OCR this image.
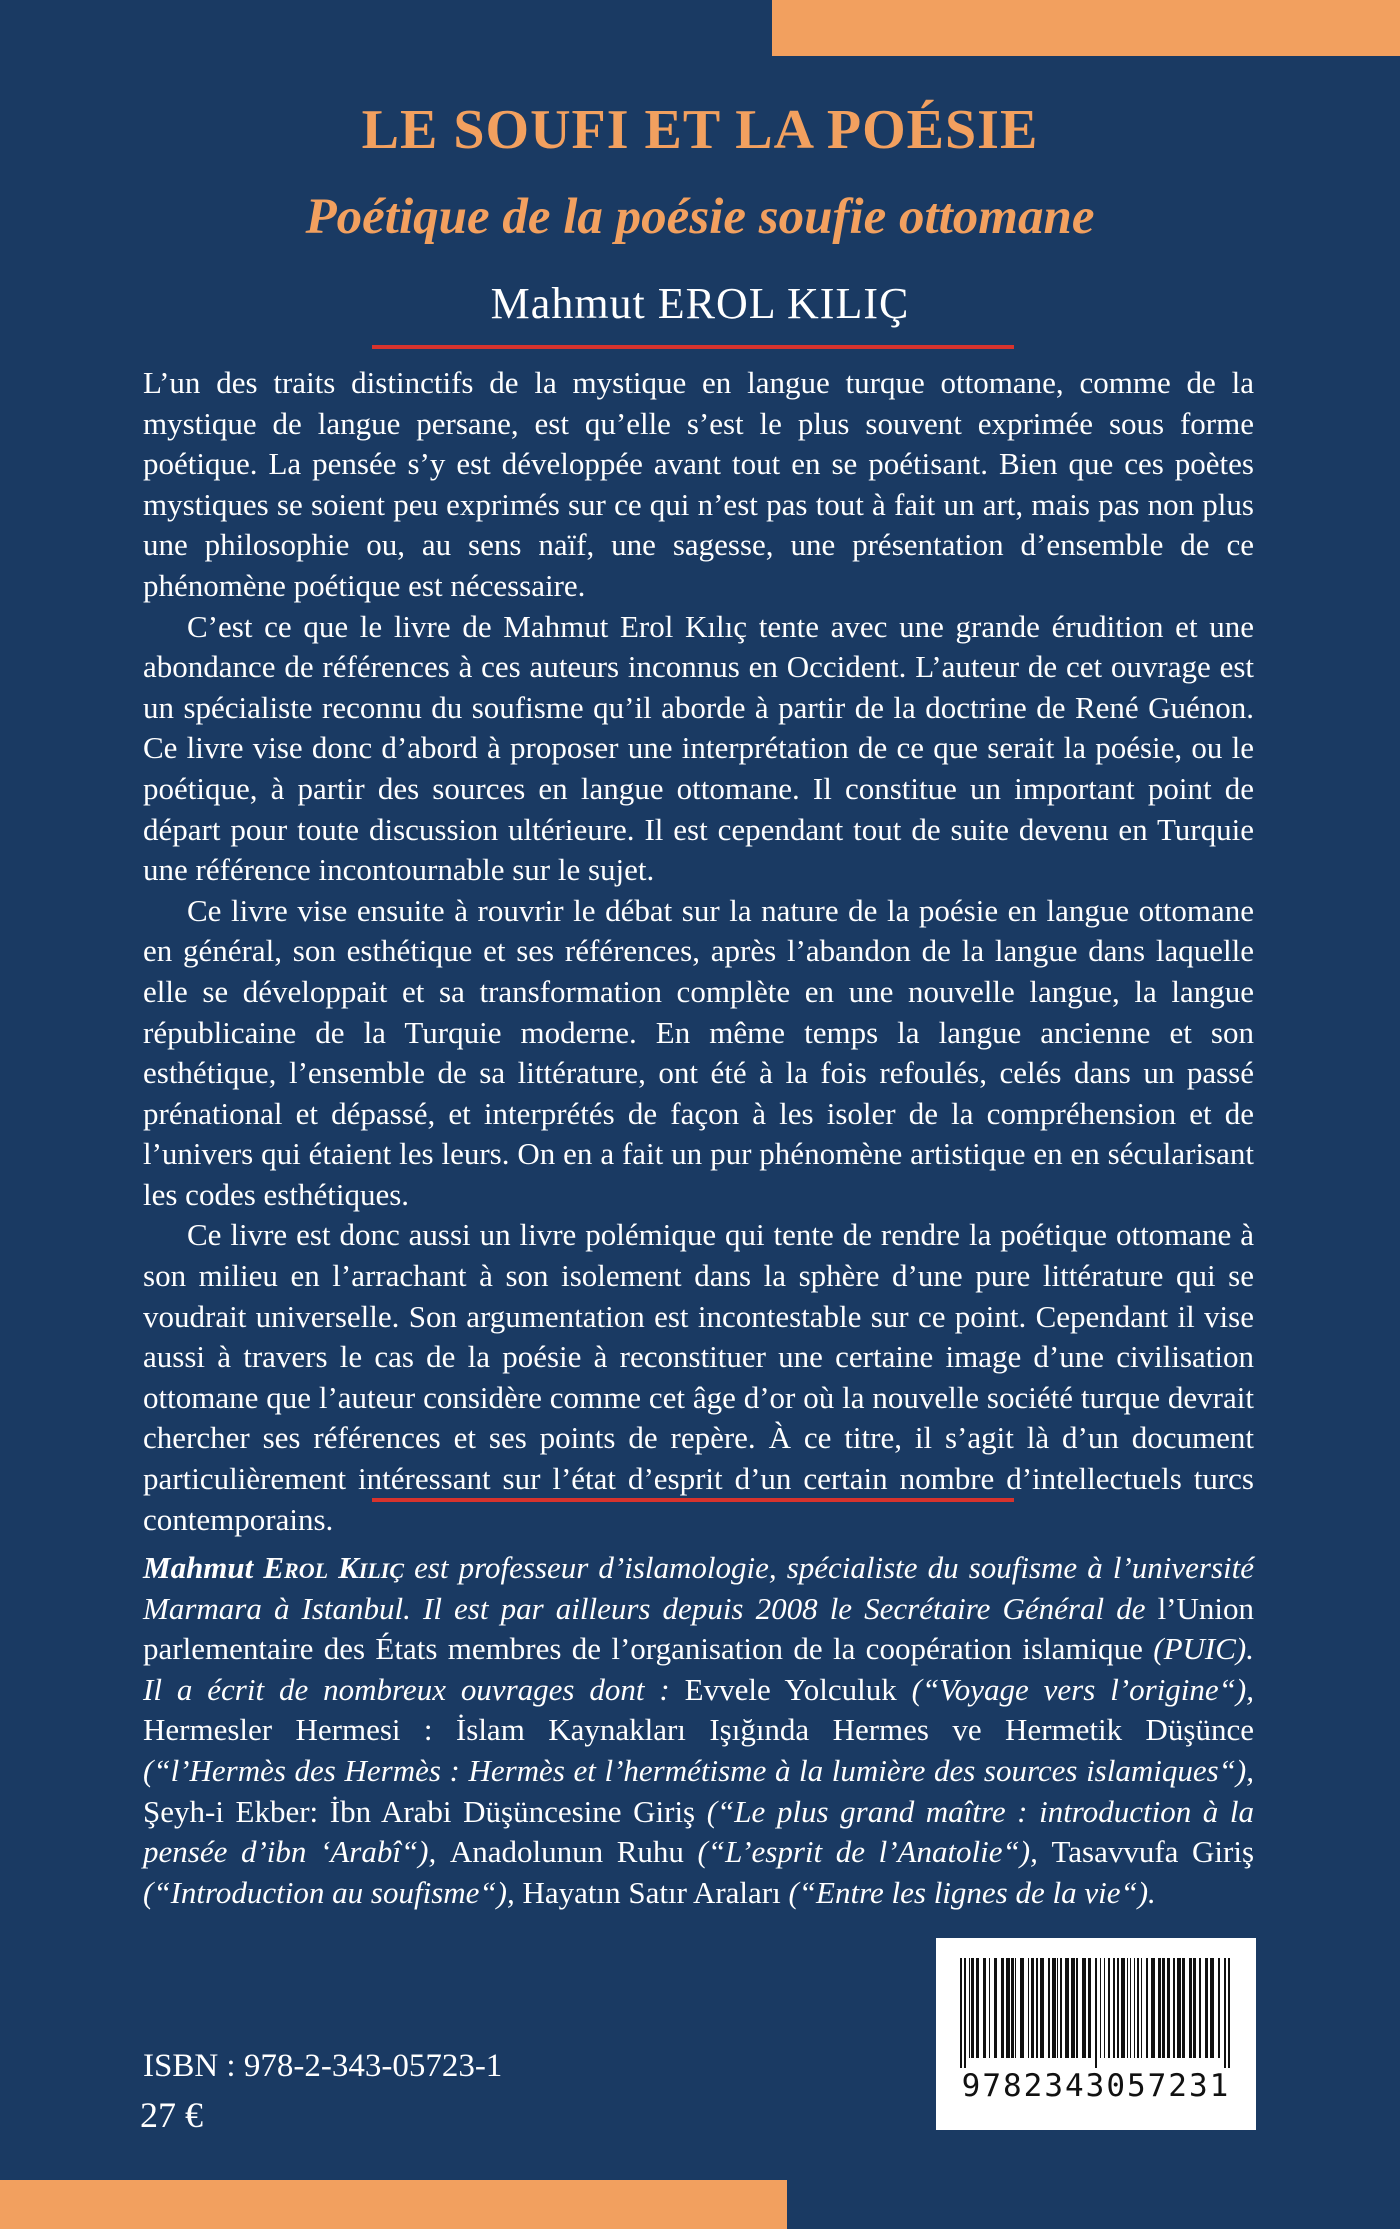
LE SOUFI ET LA POÉSIE
Poétique de la poésie soufie ottomane
Mahmut EROL KILIÇ

L’un des traits distinctifs de la mystique en langue turque ottomane, comme de la mystique de langue persane, est qu’elle s’est le plus souvent exprimée sous forme poétique. La pensée s’y est développée avant tout en se poétisant. Bien que ces poètes mystiques se soient peu exprimés sur ce qui n’est pas tout à fait un art, mais pas non plus une philosophie ou, au sens naïf, une sagesse, une présentation d’ensemble de ce phénomène poétique est nécessaire.

C’est ce que le livre de Mahmut Erol Kılıç tente avec une grande érudition et une abondance de références à ces auteurs inconnus en Occident. L’auteur de cet ouvrage est un spécialiste reconnu du soufisme qu’il aborde à partir de la doctrine de René Guénon. Ce livre vise donc d’abord à proposer une interprétation de ce que serait la poésie, ou le poétique, à partir des sources en langue ottomane. Il constitue un important point de départ pour toute discussion ultérieure. Il est cependant tout de suite devenu en Turquie une référence incontournable sur le sujet.

Ce livre vise ensuite à rouvrir le débat sur la nature de la poésie en langue ottomane en général, son esthétique et ses références, après l’abandon de la langue dans laquelle elle se développait et sa transformation complète en une nouvelle langue, la langue républicaine de la Turquie moderne. En même temps la langue ancienne et son esthétique, l’ensemble de sa littérature, ont été à la fois refoulés, celés dans un passé prénational et dépassé, et interprétés de façon à les isoler de la compréhension et de l’univers qui étaient les leurs. On en a fait un pur phénomène artistique en en sécularisant les codes esthétiques.

Ce livre est donc aussi un livre polémique qui tente de rendre la poétique ottomane à son milieu en l’arrachant à son isolement dans la sphère d’une pure littérature qui se voudrait universelle. Son argumentation est incontestable sur ce point. Cependant il vise aussi à travers le cas de la poésie à reconstituer une certaine image d’une civilisation ottomane que l’auteur considère comme cet âge d’or où la nouvelle société turque devrait chercher ses références et ses points de repère. À ce titre, il s’agit là d’un document particulièrement intéressant sur l’état d’esprit d’un certain nombre d’intellectuels turcs contemporains.

Mahmut Erol Kılıç est professeur d’islamologie, spécialiste du soufisme à l’université Marmara à Istanbul. Il est par ailleurs depuis 2008 le Secrétaire Général de l’Union parlementaire des États membres de l’organisation de la coopération islamique (PUIC). Il a écrit de nombreux ouvrages dont : Evvele Yolculuk (“Voyage vers l’origine“), Hermesler Hermesi : İslam Kaynakları Işığında Hermes ve Hermetik Düşünce (“l’Hermès des Hermès : Hermès et l’hermétisme à la lumière des sources islamiques“), Şeyh-i Ekber: İbn Arabi Düşüncesine Giriş (“Le plus grand maître : introduction à la pensée d’ibn ‘Arabî“), Anadolunun Ruhu (“L’esprit de l’Anatolie“), Tasavvufa Giriş (“Introduction au soufisme“), Hayatın Satır Araları (“Entre les lignes de la vie“).

ISBN : 978-2-343-05723-1
27 €
9782343057231
